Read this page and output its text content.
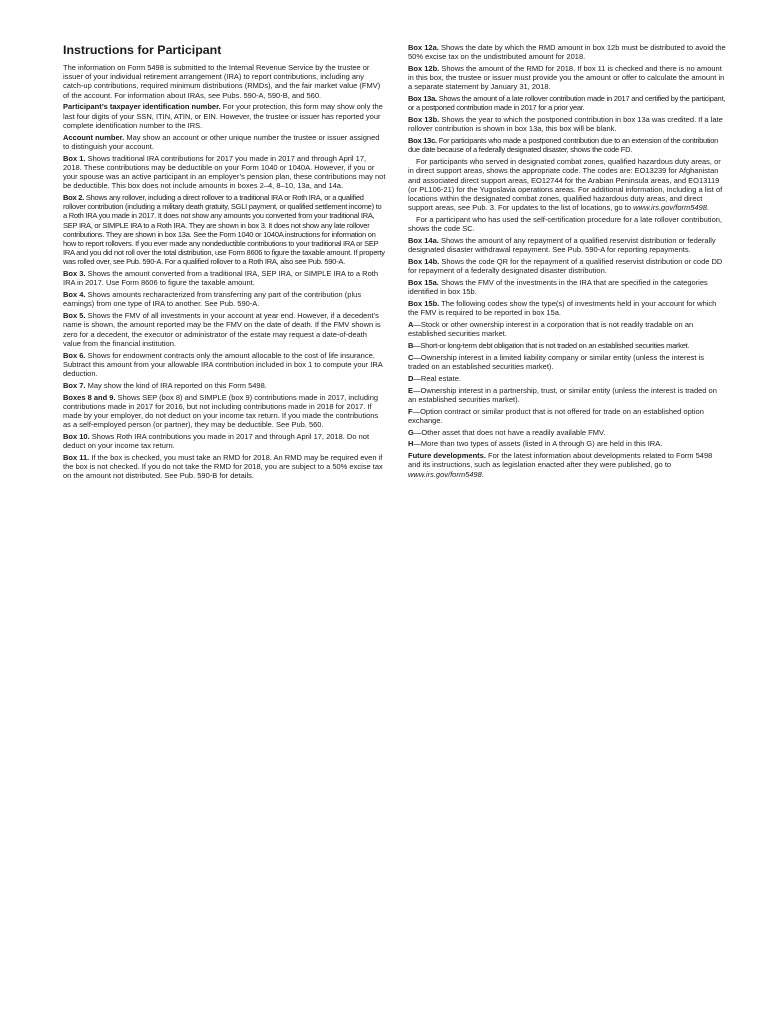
Instructions for Participant

The information on Form 5498 is submitted to the Internal Revenue Service by the trustee or issuer of your individual retirement arrangement (IRA) to report contributions, including any catch-up contributions, required minimum distributions (RMDs), and the fair market value (FMV) of the account. For information about IRAs, see Pubs. 590-A, 590-B, and 560.

Participant’s taxpayer identification number. For your protection, this form may show only the last four digits of your SSN, ITIN, ATIN, or EIN. However, the trustee or issuer has reported your complete identification number to the IRS.

Account number. May show an account or other unique number the trustee or issuer assigned to distinguish your account.

Box 1. Shows traditional IRA contributions for 2017 you made in 2017 and through April 17, 2018. These contributions may be deductible on your Form 1040 or 1040A. However, if you or your spouse was an active participant in an employer’s pension plan, these contributions may not be deductible. This box does not include amounts in boxes 2–4, 8–10, 13a, and 14a.

Box 2. Shows any rollover, including a direct rollover to a traditional IRA or Roth IRA, or a qualified rollover contribution (including a military death gratuity, SGLI payment, or qualified settlement income) to a Roth IRA you made in 2017. It does not show any amounts you converted from your traditional IRA, SEP IRA, or SIMPLE IRA to a Roth IRA. They are shown in box 3. It does not show any late rollover contributions. They are shown in box 13a. See the Form 1040 or 1040A instructions for information on how to report rollovers. If you ever made any nondeductible contributions to your traditional IRA or SEP IRA and you did not roll over the total distribution, use Form 8606 to figure the taxable amount. If property was rolled over, see Pub. 590-A. For a qualified rollover to a Roth IRA, also see Pub. 590-A.

Box 3. Shows the amount converted from a traditional IRA, SEP IRA, or SIMPLE IRA to a Roth IRA in 2017. Use Form 8606 to figure the taxable amount.

Box 4. Shows amounts recharacterized from transferring any part of the contribution (plus earnings) from one type of IRA to another. See Pub. 590-A.

Box 5. Shows the FMV of all investments in your account at year end. However, if a decedent’s name is shown, the amount reported may be the FMV on the date of death. If the FMV shown is zero for a decedent, the executor or administrator of the estate may request a date-of-death value from the financial institution.

Box 6. Shows for endowment contracts only the amount allocable to the cost of life insurance. Subtract this amount from your allowable IRA contribution included in box 1 to compute your IRA deduction.

Box 7. May show the kind of IRA reported on this Form 5498.

Boxes 8 and 9. Shows SEP (box 8) and SIMPLE (box 9) contributions made in 2017, including contributions made in 2017 for 2016, but not including contributions made in 2018 for 2017. If made by your employer, do not deduct on your income tax return. If you made the contributions as a self-employed person (or partner), they may be deductible. See Pub. 560.

Box 10. Shows Roth IRA contributions you made in 2017 and through April 17, 2018. Do not deduct on your income tax return.

Box 11. If the box is checked, you must take an RMD for 2018. An RMD may be required even if the box is not checked. If you do not take the RMD for 2018, you are subject to a 50% excise tax on the amount not distributed. See Pub. 590-B for details.

Box 12a. Shows the date by which the RMD amount in box 12b must be distributed to avoid the 50% excise tax on the undistributed amount for 2018.

Box 12b. Shows the amount of the RMD for 2018. If box 11 is checked and there is no amount in this box, the trustee or issuer must provide you the amount or offer to calculate the amount in a separate statement by January 31, 2018.

Box 13a. Shows the amount of a late rollover contribution made in 2017 and certified by the participant, or a postponed contribution made in 2017 for a prior year.

Box 13b. Shows the year to which the postponed contribution in box 13a was credited. If a late rollover contribution is shown in box 13a, this box will be blank.

Box 13c. For participants who made a postponed contribution due to an extension of the contribution due date because of a federally designated disaster, shows the code FD.

For participants who served in designated combat zones, qualified hazardous duty areas, or in direct support areas, shows the appropriate code. The codes are: EO13239 for Afghanistan and associated direct support areas, EO12744 for the Arabian Peninsula areas, and EO13119 (or PL106-21) for the Yugoslavia operations areas. For additional information, including a list of locations within the designated combat zones, qualified hazardous duty areas, and direct support areas, see Pub. 3. For updates to the list of locations, go to www.irs.gov/form5498.

For a participant who has used the self-certification procedure for a late rollover contribution, shows the code SC.

Box 14a. Shows the amount of any repayment of a qualified reservist distribution or federally designated disaster withdrawal repayment. See Pub. 590-A for reporting repayments.

Box 14b. Shows the code QR for the repayment of a qualified reservist distribution or code DD for repayment of a federally designated disaster distribution.

Box 15a. Shows the FMV of the investments in the IRA that are specified in the categories identified in box 15b.

Box 15b. The following codes show the type(s) of investments held in your account for which the FMV is required to be reported in box 15a.

A—Stock or other ownership interest in a corporation that is not readily tradable on an established securities market.

B—Short-or long-term debt obligation that is not traded on an established securities market.

C—Ownership interest in a limited liability company or similar entity (unless the interest is traded on an established securities market).

D—Real estate.

E—Ownership interest in a partnership, trust, or similar entity (unless the interest is traded on an established securities market).

F—Option contract or similar product that is not offered for trade on an established option exchange.

G—Other asset that does not have a readily available FMV.

H—More than two types of assets (listed in A through G) are held in this IRA.

Future developments. For the latest information about developments related to Form 5498 and its instructions, such as legislation enacted after they were published, go to www.irs.gov/form5498.
